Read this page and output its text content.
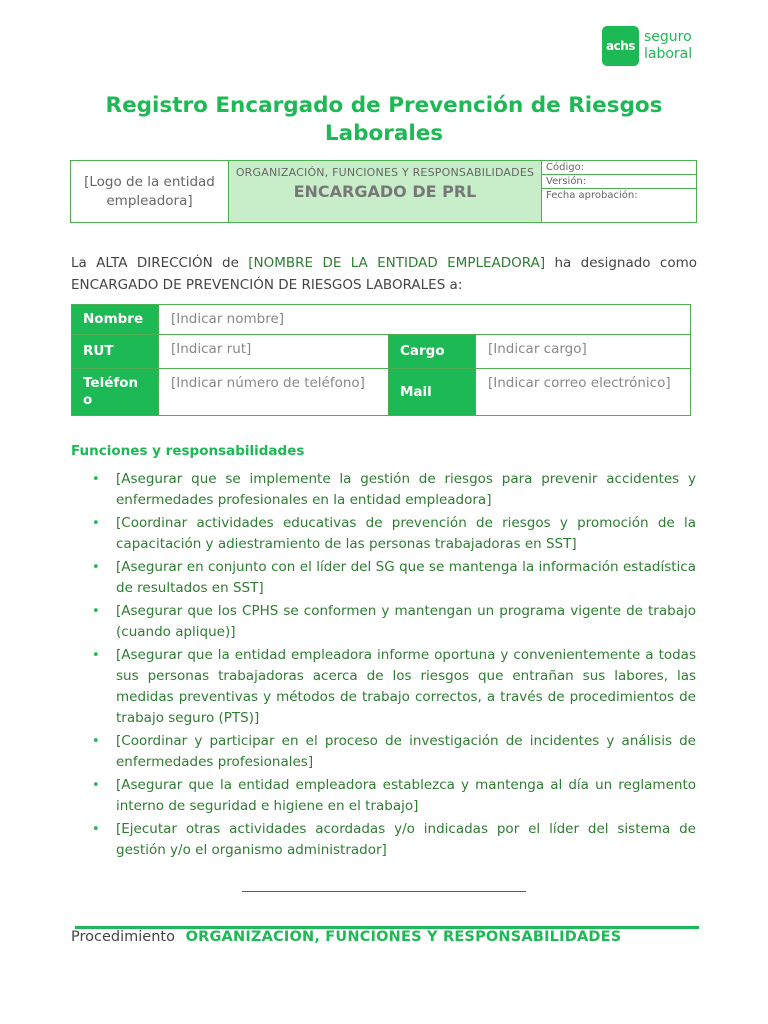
achs
seguro
laboral
Registro Encargado de Prevención de Riesgos Laborales
[Logo de la entidad empleadora]
ORGANIZACIÓN, FUNCIONES Y RESPONSABILIDADES
ENCARGADO DE PRL
Código:
Versión:
Fecha aprobación:
La ALTA DIRECCIÓN de [NOMBRE DE LA ENTIDAD EMPLEADORA] ha designado como ENCARGADO DE PREVENCIÓN DE RIESGOS LABORALES a:
Nombre	[Indicar nombre]		
RUT	[Indicar rut]	Cargo	[Indicar cargo]
Teléfono	[Indicar número de teléfono]	Mail	[Indicar correo electrónico]
Funciones y responsabilidades
• [Asegurar que se implemente la gestión de riesgos para prevenir accidentes y enfermedades profesionales en la entidad empleadora]
• [Coordinar actividades educativas de prevención de riesgos y promoción de la capacitación y adiestramiento de las personas trabajadoras en SST]
• [Asegurar en conjunto con el líder del SG que se mantenga la información estadística de resultados en SST]
• [Asegurar que los CPHS se conformen y mantengan un programa vigente de trabajo (cuando aplique)]
• [Asegurar que la entidad empleadora informe oportuna y convenientemente a todas sus personas trabajadoras acerca de los riesgos que entrañan sus labores, las medidas preventivas y métodos de trabajo correctos, a través de procedimientos de trabajo seguro (PTS)]
• [Coordinar y participar en el proceso de investigación de incidentes y análisis de enfermedades profesionales]
• [Asegurar que la entidad empleadora establezca y mantenga al día un reglamento interno de seguridad e higiene en el trabajo]
• [Ejecutar otras actividades acordadas y/o indicadas por el líder del sistema de gestión y/o el organismo administrador]
Procedimiento ORGANIZACIÓN, FUNCIONES Y RESPONSABILIDADES
